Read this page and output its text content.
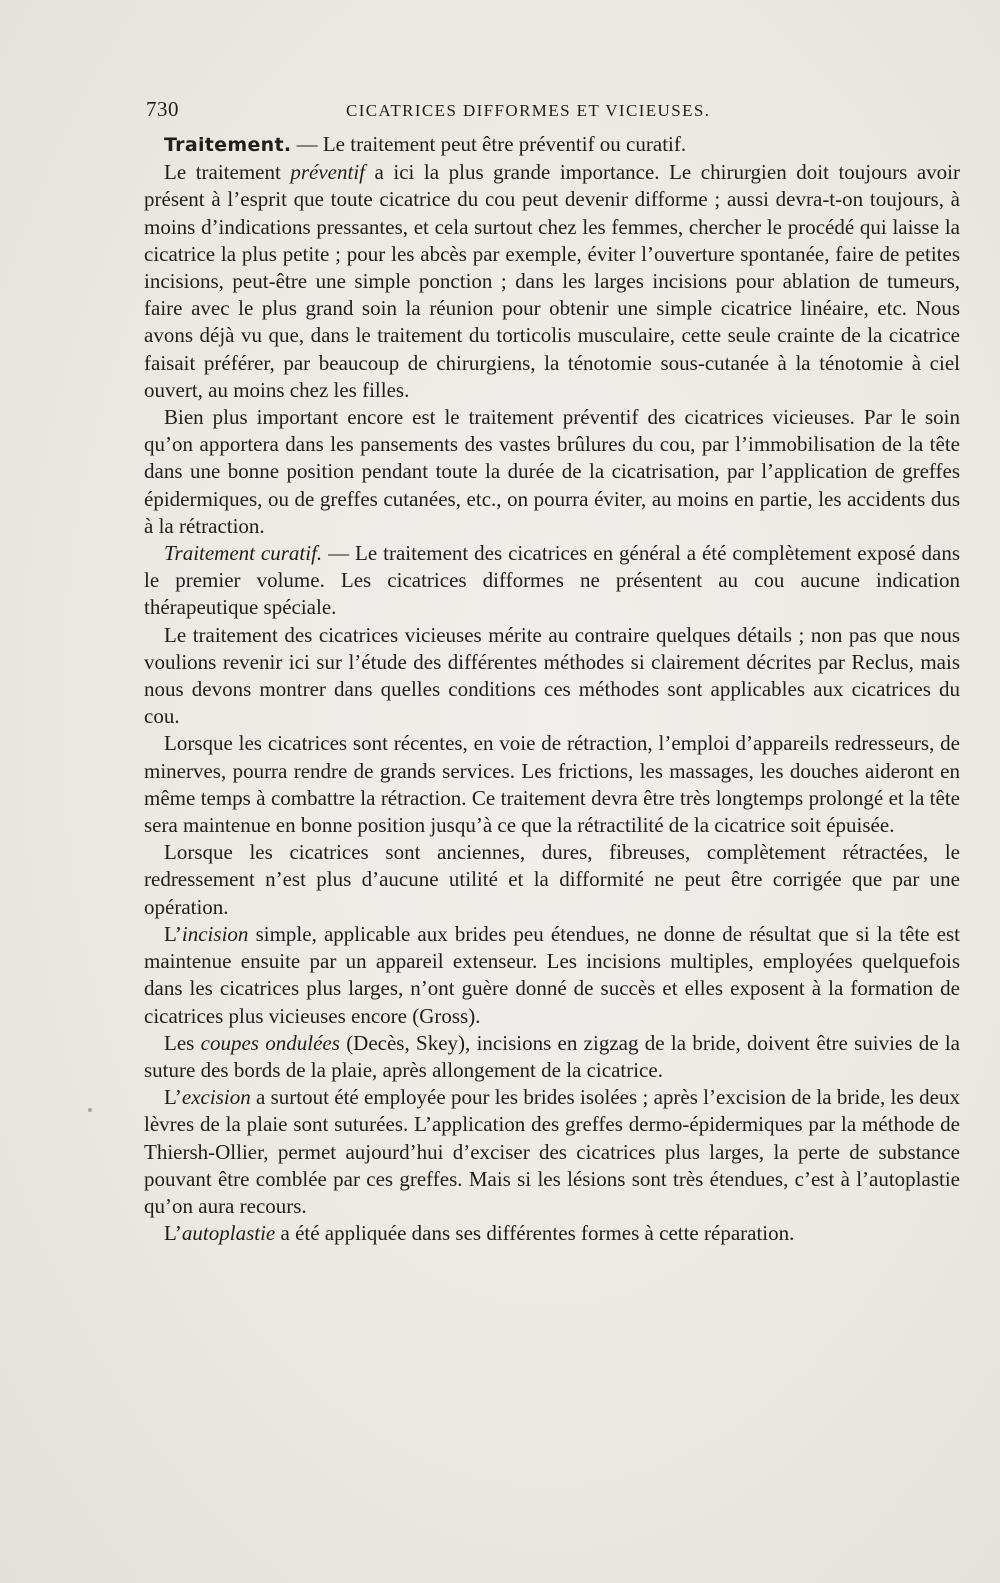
730	CICATRICES DIFFORMES ET VICIEUSES.

Traitement. — Le traitement peut être préventif ou curatif.

Le traitement préventif a ici la plus grande importance. Le chirurgien doit toujours avoir présent à l’esprit que toute cicatrice du cou peut devenir difforme ; aussi devra-t-on toujours, à moins d’indications pressantes, et cela surtout chez les femmes, chercher le procédé qui laisse la cicatrice la plus petite ; pour les abcès par exemple, éviter l’ouverture spontanée, faire de petites incisions, peut-être une simple ponction ; dans les larges incisions pour ablation de tumeurs, faire avec le plus grand soin la réunion pour obtenir une simple cicatrice linéaire, etc. Nous avons déjà vu que, dans le traitement du torticolis musculaire, cette seule crainte de la cicatrice faisait préférer, par beaucoup de chirurgiens, la ténotomie sous-cutanée à la ténotomie à ciel ouvert, au moins chez les filles.

Bien plus important encore est le traitement préventif des cicatrices vicieuses. Par le soin qu’on apportera dans les pansements des vastes brûlures du cou, par l’immobilisation de la tête dans une bonne position pendant toute la durée de la cicatrisation, par l’application de greffes épidermiques, ou de greffes cutanées, etc., on pourra éviter, au moins en partie, les accidents dus à la rétraction.

Traitement curatif. — Le traitement des cicatrices en général a été complètement exposé dans le premier volume. Les cicatrices difformes ne présentent au cou aucune indication thérapeutique spéciale.

Le traitement des cicatrices vicieuses mérite au contraire quelques détails ; non pas que nous voulions revenir ici sur l’étude des différentes méthodes si clairement décrites par Reclus, mais nous devons montrer dans quelles conditions ces méthodes sont applicables aux cicatrices du cou.

Lorsque les cicatrices sont récentes, en voie de rétraction, l’emploi d’appareils redresseurs, de minerves, pourra rendre de grands services. Les frictions, les massages, les douches aideront en même temps à combattre la rétraction. Ce traitement devra être très longtemps prolongé et la tête sera maintenue en bonne position jusqu’à ce que la rétractilité de la cicatrice soit épuisée.

Lorsque les cicatrices sont anciennes, dures, fibreuses, complètement rétractées, le redressement n’est plus d’aucune utilité et la difformité ne peut être corrigée que par une opération.

L’incision simple, applicable aux brides peu étendues, ne donne de résultat que si la tête est maintenue ensuite par un appareil extenseur. Les incisions multiples, employées quelquefois dans les cicatrices plus larges, n’ont guère donné de succès et elles exposent à la formation de cicatrices plus vicieuses encore (Gross).

Les coupes ondulées (Decès, Skey), incisions en zigzag de la bride, doivent être suivies de la suture des bords de la plaie, après allongement de la cicatrice.

L’excision a surtout été employée pour les brides isolées ; après l’excision de la bride, les deux lèvres de la plaie sont suturées. L’application des greffes dermo-épidermiques par la méthode de Thiersh-Ollier, permet aujourd’hui d’exciser des cicatrices plus larges, la perte de substance pouvant être comblée par ces greffes. Mais si les lésions sont très étendues, c’est à l’autoplastie qu’on aura recours.

L’autoplastie a été appliquée dans ses différentes formes à cette réparation.
